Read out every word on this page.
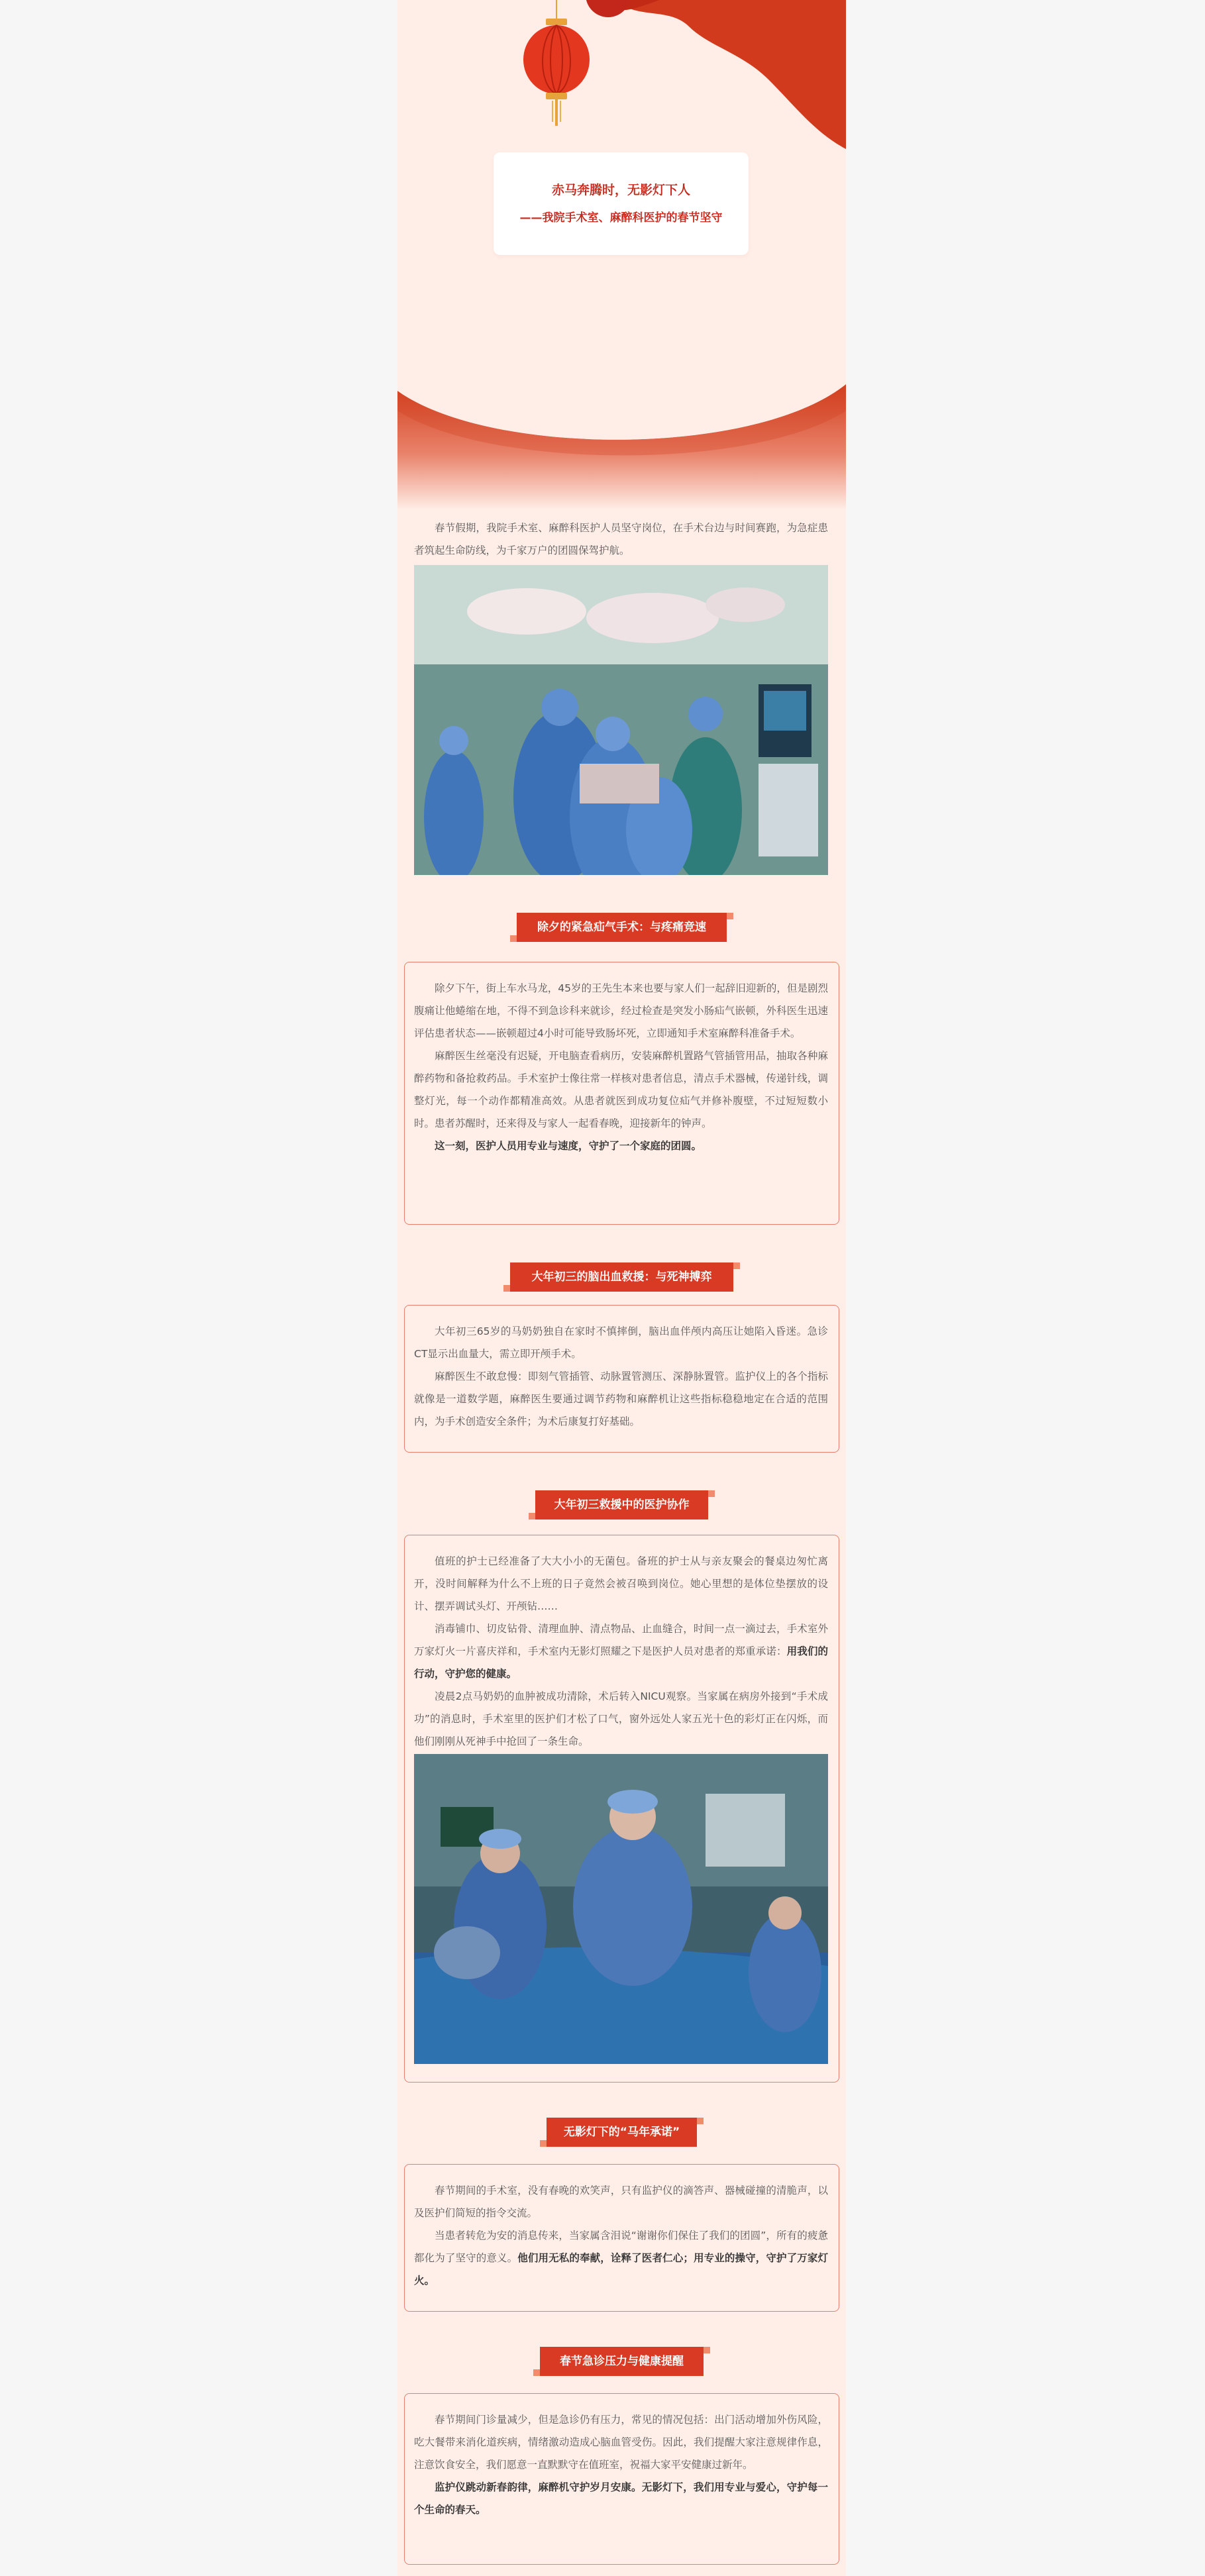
赤马奔腾时，无影灯下人
——我院手术室、麻醉科医护的春节坚守

春节假期，我院手术室、麻醉科医护人员坚守岗位，在手术台边与时间赛跑，为急症患者筑起生命防线，为千家万户的团圆保驾护航。

除夕的紧急疝气手术：与疼痛竞速

除夕下午，街上车水马龙，45岁的王先生本来也要与家人们一起辞旧迎新的，但是剧烈腹痛让他蜷缩在地，不得不到急诊科来就诊，经过检查是突发小肠疝气嵌顿，外科医生迅速评估患者状态——嵌顿超过4小时可能导致肠坏死，立即通知手术室麻醉科准备手术。

麻醉医生丝毫没有迟疑，开电脑查看病历，安装麻醉机置路气管插管用品，抽取各种麻醉药物和备抢救药品。手术室护士像往常一样核对患者信息，清点手术器械，传递针线，调整灯光，每一个动作都精准高效。从患者就医到成功复位疝气并修补腹壁，不过短短数小时。患者苏醒时，还来得及与家人一起看春晚，迎接新年的钟声。

这一刻，医护人员用专业与速度，守护了一个家庭的团圆。

大年初三的脑出血救援：与死神搏弈

大年初三65岁的马奶奶独自在家时不慎摔倒，脑出血伴颅内高压让她陷入昏迷。急诊CT显示出血量大，需立即开颅手术。

麻醉医生不敢怠慢：即刻气管插管、动脉置管测压、深静脉置管。监护仪上的各个指标就像是一道数学题，麻醉医生要通过调节药物和麻醉机让这些指标稳稳地定在合适的范围内，为手术创造安全条件；为术后康复打好基础。

大年初三救援中的医护协作

值班的护士已经准备了大大小小的无菌包。备班的护士从与亲友聚会的餐桌边匆忙离开，没时间解释为什么不上班的日子竟然会被召唤到岗位。她心里想的是体位垫摆放的设计、摆弄调试头灯、开颅钻……

消毒铺巾、切皮钻骨、清理血肿、清点物品、止血缝合，时间一点一滴过去，手术室外万家灯火一片喜庆祥和，手术室内无影灯照耀之下是医护人员对患者的郑重承诺：用我们的行动，守护您的健康。

凌晨2点马奶奶的血肿被成功清除，术后转入NICU观察。当家属在病房外接到“手术成功”的消息时，手术室里的医护们才松了口气，窗外远处人家五光十色的彩灯正在闪烁，而他们刚刚从死神手中抢回了一条生命。

无影灯下的“马年承诺”

春节期间的手术室，没有春晚的欢笑声，只有监护仪的滴答声、器械碰撞的清脆声，以及医护们简短的指令交流。

当患者转危为安的消息传来，当家属含泪说“谢谢你们保住了我们的团圆”，所有的疲惫都化为了坚守的意义。他们用无私的奉献，诠释了医者仁心；用专业的操守，守护了万家灯火。

春节急诊压力与健康提醒

春节期间门诊量减少，但是急诊仍有压力，常见的情况包括：出门活动增加外伤风险，吃大餐带来消化道疾病，情绪激动造成心脑血管受伤。因此，我们提醒大家注意规律作息，注意饮食安全，我们愿意一直默默守在值班室，祝福大家平安健康过新年。

监护仪跳动新春韵律，麻醉机守护岁月安康。无影灯下，我们用专业与爱心，守护每一个生命的春天。
